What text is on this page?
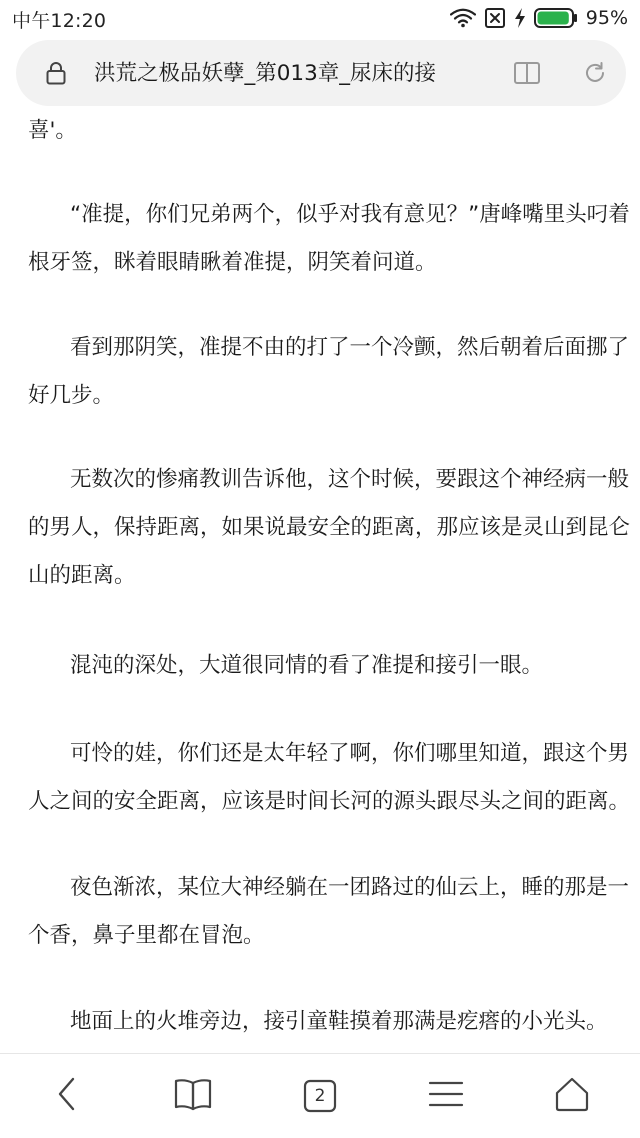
中午12:20	95%
洪荒之极品妖孽_第013章_尿床的接
喜'。
“准提，你们兄弟两个，似乎对我有意见？”唐峰嘴里头叼着
根牙签，眯着眼睛瞅着准提，阴笑着问道。
看到那阴笑，准提不由的打了一个冷颤，然后朝着后面挪了
好几步。
无数次的惨痛教训告诉他，这个时候，要跟这个神经病一般
的男人，保持距离，如果说最安全的距离，那应该是灵山到昆仑
山的距离。
混沌的深处，大道很同情的看了准提和接引一眼。
可怜的娃，你们还是太年轻了啊，你们哪里知道，跟这个男
人之间的安全距离，应该是时间长河的源头跟尽头之间的距离。
夜色渐浓，某位大神经躺在一团路过的仙云上，睡的那是一
个香，鼻子里都在冒泡。
地面上的火堆旁边，接引童鞋摸着那满是疙瘩的小光头。
2
